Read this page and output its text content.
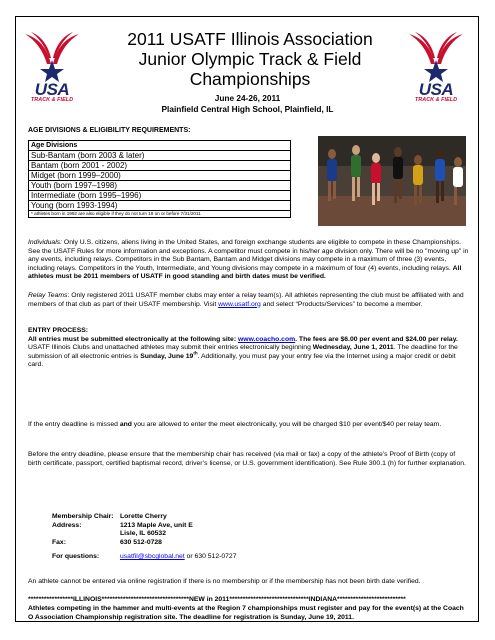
USA
TRACK & FIELD
USA
TRACK & FIELD
2011 USATF Illinois Association
Junior Olympic Track & Field
Championships
June 24-26, 2011
Plainfield Central High School, Plainfield, IL
AGE DIVISIONS & ELIGIBILITY REQUIREMENTS:
Age Divisions
Sub-Bantam (born 2003 & later)
Bantam (born 2001 - 2002)
Midget (born 1999–2000)
Youth (born 1997–1998)
Intermediate (born 1995–1996)
Young (born 1993-1994)
* athletes born in 1992 are also eligible if they do not turn 19 on or before 7/31/2011
Individuals: Only U.S. citizens, aliens living in the United States, and foreign exchange students are eligible to compete in these Championships. See the USATF Rules for more information and exceptions. A competitor must compete in his/her age division only. There will be no "moving up" in any events, including relays. Competitors in the Sub Bantam, Bantam and Midget divisions may compete in a maximum of three (3) events, including relays. Competitors in the Youth, Intermediate, and Young divisions may compete in a maximum of four (4) events, including relays. All athletes must be 2011 members of USATF in good standing and birth dates must be verified.
Relay Teams: Only registered 2011 USATF member clubs may enter a relay team(s). All athletes representing the club must be affiliated with and members of that club as part of their USATF membership. Visit www.usatf.org and select “Products/Services” to become a member.
ENTRY PROCESS:
All entries must be submitted electronically at the following site: www.coacho.com. The fees are $6.00 per event and $24.00 per relay. USATF Illinois Clubs and unattached athletes may submit their entries electronically beginning Wednesday, June 1, 2011. The deadline for the submission of all electronic entries is Sunday, June 19th. Additionally, you must pay your entry fee via the Internet using a major credit or debit card.
If the entry deadline is missed and you are allowed to enter the meet electronically, you will be charged $10 per event/$40 per relay team.
Before the entry deadline, please ensure that the membership chair has received (via mail or fax) a copy of the athlete’s Proof of Birth (copy of birth certificate, passport, certified baptismal record, driver’s license, or U.S. government identification). See Rule 300.1 (h) for further explanation.
Membership Chair: Lorette Cherry
Address:	1213 Maple Ave, unit E
Lisle, IL 60532
Fax:	630 512-0728
For questions:	usatfil@sbcglobal.net or 630 512-0727
An athlete cannot be entered via online registration if there is no membership or if the membership has not been birth date verified.
*****************ILLINOIS*********************************NEW in 2011******************************INDIANA**************************
Athletes competing in the hammer and multi-events at the Region 7 championships must register and pay for the event(s) at the Coach O Association Championship registration site. The deadline for registration is Sunday, June 19, 2011.
